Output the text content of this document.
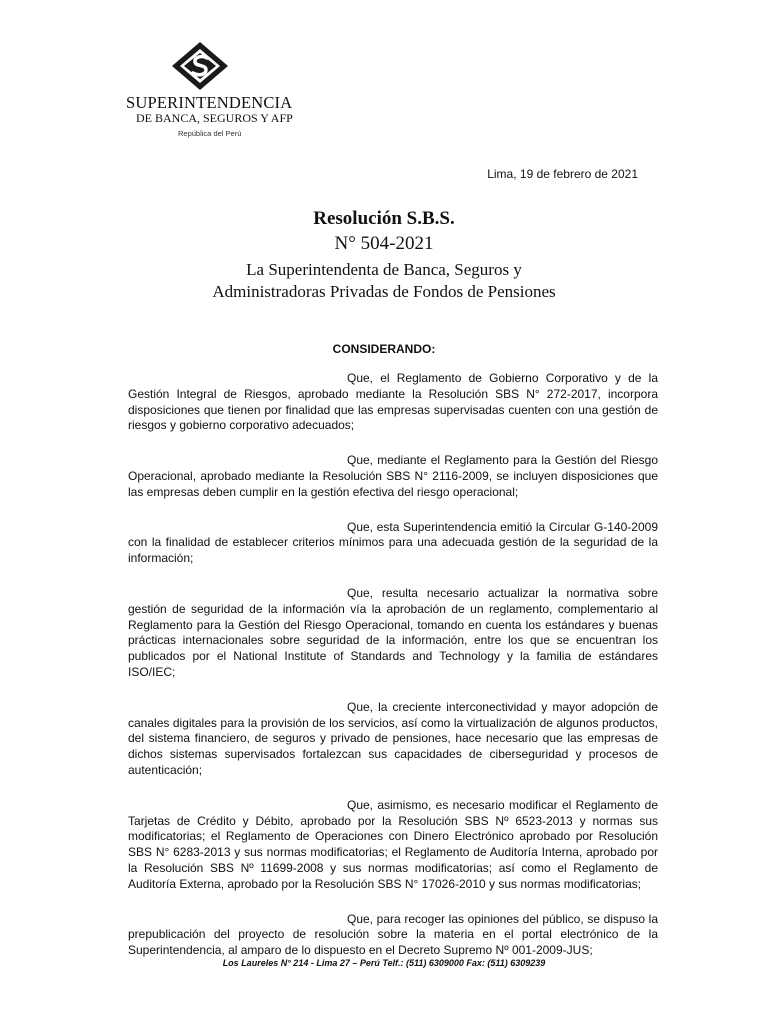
SUPERINTENDENCIA
DE BANCA, SEGUROS Y AFP
República del Perú
Lima, 19 de febrero de 2021
Resolución S.B.S.
N° 504-2021
La Superintendenta de Banca, Seguros y
Administradoras Privadas de Fondos de Pensiones
CONSIDERANDO:

Que, el Reglamento de Gobierno Corporativo y de la Gestión Integral de Riesgos, aprobado mediante la Resolución SBS N° 272-2017, incorpora disposiciones que tienen por finalidad que las empresas supervisadas cuenten con una gestión de riesgos y gobierno corporativo adecuados;

Que, mediante el Reglamento para la Gestión del Riesgo Operacional, aprobado mediante la Resolución SBS N° 2116-2009, se incluyen disposiciones que las empresas deben cumplir en la gestión efectiva del riesgo operacional;

Que, esta Superintendencia emitió la Circular G-140-2009 con la finalidad de establecer criterios mínimos para una adecuada gestión de la seguridad de la información;

Que, resulta necesario actualizar la normativa sobre gestión de seguridad de la información vía la aprobación de un reglamento, complementario al Reglamento para la Gestión del Riesgo Operacional, tomando en cuenta los estándares y buenas prácticas internacionales sobre seguridad de la información, entre los que se encuentran los publicados por el National Institute of Standards and Technology y la familia de estándares ISO/IEC;

Que, la creciente interconectividad y mayor adopción de canales digitales para la provisión de los servicios, así como la virtualización de algunos productos, del sistema financiero, de seguros y privado de pensiones, hace necesario que las empresas de dichos sistemas supervisados fortalezcan sus capacidades de ciberseguridad y procesos de autenticación;

Que, asimismo, es necesario modificar el Reglamento de Tarjetas de Crédito y Débito, aprobado por la Resolución SBS Nº 6523-2013 y normas sus modificatorias; el Reglamento de Operaciones con Dinero Electrónico aprobado por Resolución SBS N° 6283-2013 y sus normas modificatorias; el Reglamento de Auditoría Interna, aprobado por la Resolución SBS Nº 11699-2008 y sus normas modificatorias; así como el Reglamento de Auditoría Externa, aprobado por la Resolución SBS N° 17026-2010 y sus normas modificatorias;

Que, para recoger las opiniones del público, se dispuso la prepublicación del proyecto de resolución sobre la materia en el portal electrónico de la Superintendencia, al amparo de lo dispuesto en el Decreto Supremo Nº 001-2009-JUS;

Los Laureles N° 214 - Lima 27 – Perú Telf.: (511) 6309000 Fax: (511) 6309239
